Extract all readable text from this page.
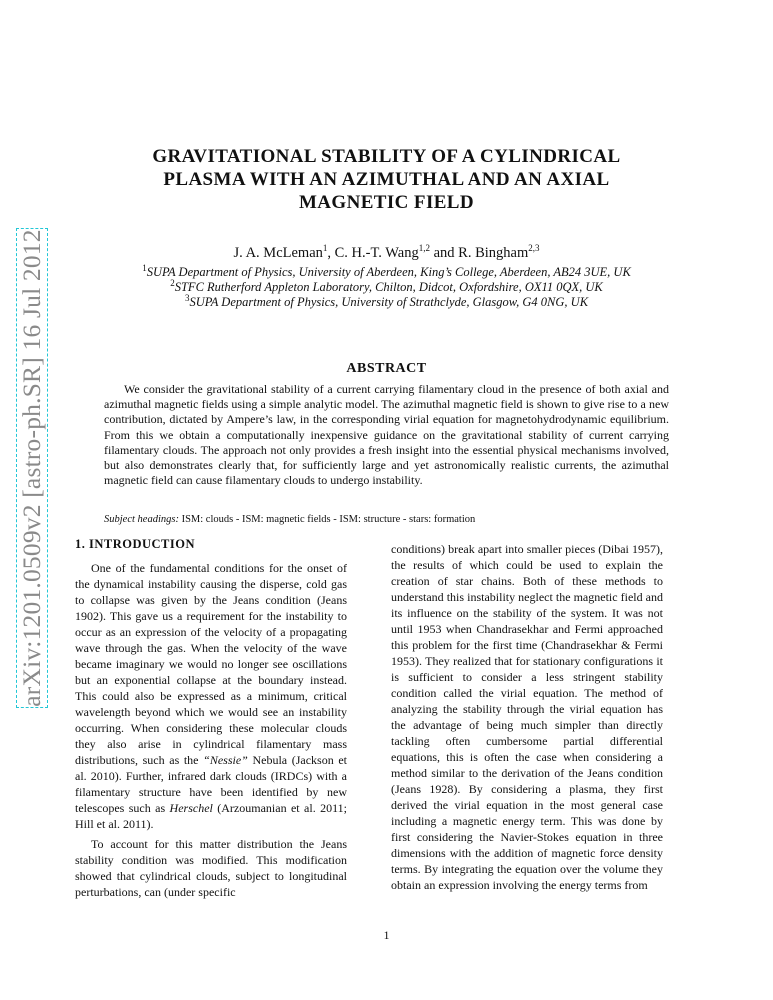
arXiv:1201.0509v2 [astro-ph.SR] 16 Jul 2012
GRAVITATIONAL STABILITY OF A CYLINDRICAL
PLASMA WITH AN AZIMUTHAL AND AN AXIAL
MAGNETIC FIELD
J. A. McLeman$^1$, C. H.-T. Wang$^{1,2}$ and R. Bingham$^{2,3}$
$^1$SUPA Department of Physics, University of Aberdeen, King’s College, Aberdeen, AB24 3UE, UK
$^2$STFC Rutherford Appleton Laboratory, Chilton, Didcot, Oxfordshire, OX11 0QX, UK
$^3$SUPA Department of Physics, University of Strathclyde, Glasgow, G4 0NG, UK
ABSTRACT

We consider the gravitational stability of a current carrying filamentary cloud in the presence of both axial and azimuthal magnetic fields using a simple analytic model. The azimuthal magnetic field is shown to give rise to a new contribution, dictated by Ampere’s law, in the corresponding virial equation for magnetohydrodynamic equilibrium. From this we obtain a computationally inexpensive guidance on the gravitational stability of current carrying filamentary clouds. The approach not only provides a fresh insight into the essential physical mechanisms involved, but also demonstrates clearly that, for sufficiently large and yet astronomically realistic currents, the azimuthal magnetic field can cause filamentary clouds to undergo instability.

Subject headings: ISM: clouds - ISM: magnetic fields - ISM: structure - stars: formation
1. INTRODUCTION

One of the fundamental conditions for the onset of the dynamical instability causing the disperse, cold gas to collapse was given by the Jeans condition (Jeans 1902). This gave us a requirement for the instability to occur as an expression of the velocity of a propagating wave through the gas. When the velocity of the wave became imaginary we would no longer see oscillations but an exponential collapse at the boundary instead. This could also be expressed as a minimum, critical wavelength beyond which we would see an instability occurring. When considering these molecular clouds they also arise in cylindrical filamentary mass distributions, such as the “Nessie” Nebula (Jackson et al. 2010). Further, infrared dark clouds (IRDCs) with a filamentary structure have been identified by new telescopes such as Herschel (Arzoumanian et al. 2011; Hill et al. 2011).

To account for this matter distribution the Jeans stability condition was modified. This modification showed that cylindrical clouds, subject to longitudinal perturbations, can (under specific

conditions) break apart into smaller pieces (Dibai 1957), the results of which could be used to explain the creation of star chains. Both of these methods to understand this instability neglect the magnetic field and its influence on the stability of the system. It was not until 1953 when Chandrasekhar and Fermi approached this problem for the first time (Chandrasekhar & Fermi 1953). They realized that for stationary configurations it is sufficient to consider a less stringent stability condition called the virial equation. The method of analyzing the stability through the virial equation has the advantage of being much simpler than directly tackling often cumbersome partial differential equations, this is often the case when considering a method similar to the derivation of the Jeans condition (Jeans 1928). By considering a plasma, they first derived the virial equation in the most general case including a magnetic energy term. This was done by first considering the Navier-Stokes equation in three dimensions with the addition of magnetic force density terms. By integrating the equation over the volume they obtain an expression involving the energy terms from

1
